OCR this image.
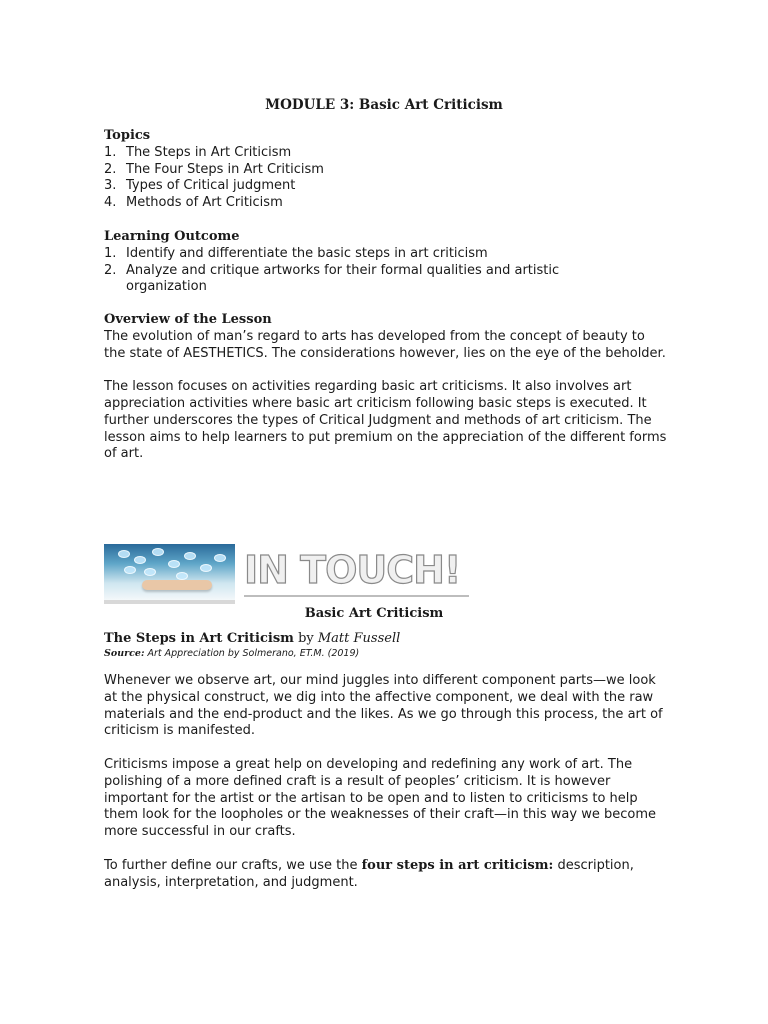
MODULE 3: Basic Art Criticism
Topics
1. The Steps in Art Criticism
2. The Four Steps in Art Criticism
3. Types of Critical judgment
4. Methods of Art Criticism
Learning Outcome
1. Identify and differentiate the basic steps in art criticism
2. Analyze and critique artworks for their formal qualities and artistic organization
Overview of the Lesson

The evolution of man’s regard to arts has developed from the concept of beauty to the state of AESTHETICS. The considerations however, lies on the eye of the beholder.

The lesson focuses on activities regarding basic art criticisms. It also involves art appreciation activities where basic art criticism following basic steps is executed. It further underscores the types of Critical Judgment and methods of art criticism. The lesson aims to help learners to put premium on the appreciation of the different forms of art.

IN TOUCH!
Basic Art Criticism
The Steps in Art Criticism by Matt Fussell
Source: Art Appreciation by Solmerano, ET.M. (2019)

Whenever we observe art, our mind juggles into different component parts—we look at the physical construct, we dig into the affective component, we deal with the raw materials and the end-product and the likes. As we go through this process, the art of criticism is manifested.

Criticisms impose a great help on developing and redefining any work of art. The polishing of a more defined craft is a result of peoples’ criticism. It is however important for the artist or the artisan to be open and to listen to criticisms to help them look for the loopholes or the weaknesses of their craft—in this way we become more successful in our crafts.

To further define our crafts, we use the four steps in art criticism: description, analysis, interpretation, and judgment.
